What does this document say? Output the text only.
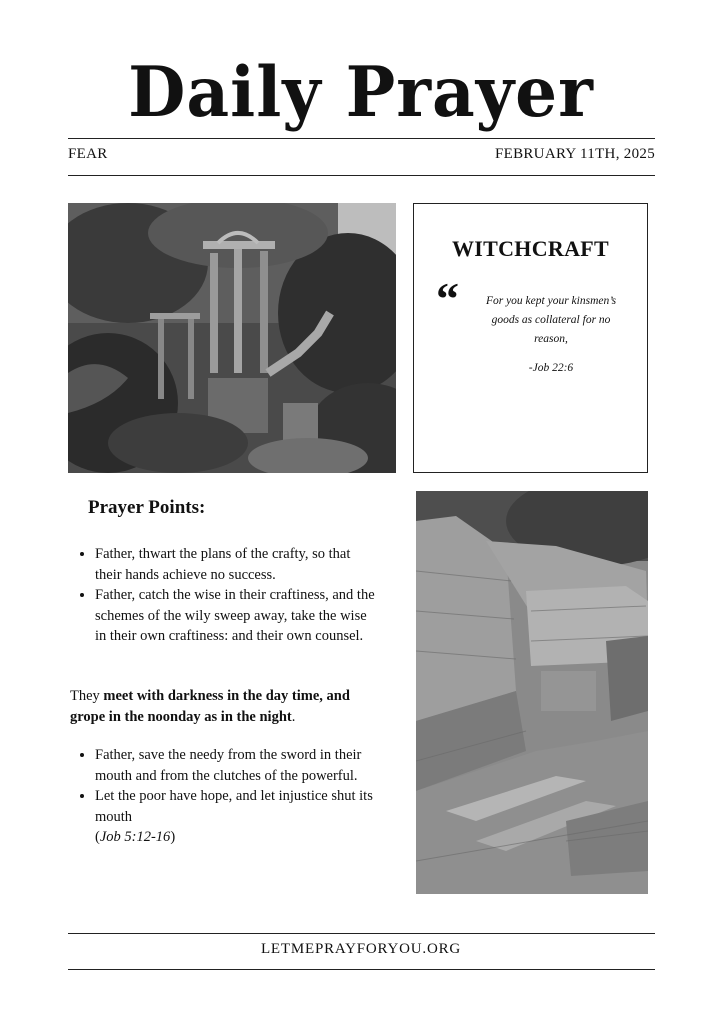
Daily Prayer
FEAR	FEBRUARY 11TH, 2025
WITCHCRAFT
“	For you kept your kinsmen’s goods as collateral for no reason,
-Job 22:6
Prayer Points:
• Father, thwart the plans of the crafty, so that their hands achieve no success.
• Father, catch the wise in their craftiness, and the schemes of the wily sweep away, take the wise in their own craftiness: and their own counsel.
They meet with darkness in the day time, and grope in the noonday as in the night.
• Father, save the needy from the sword in their mouth and from the clutches of the powerful.
• Let the poor have hope, and let injustice shut its mouth
(Job 5:12-16)
LETMEPRAYFORYOU.ORG
